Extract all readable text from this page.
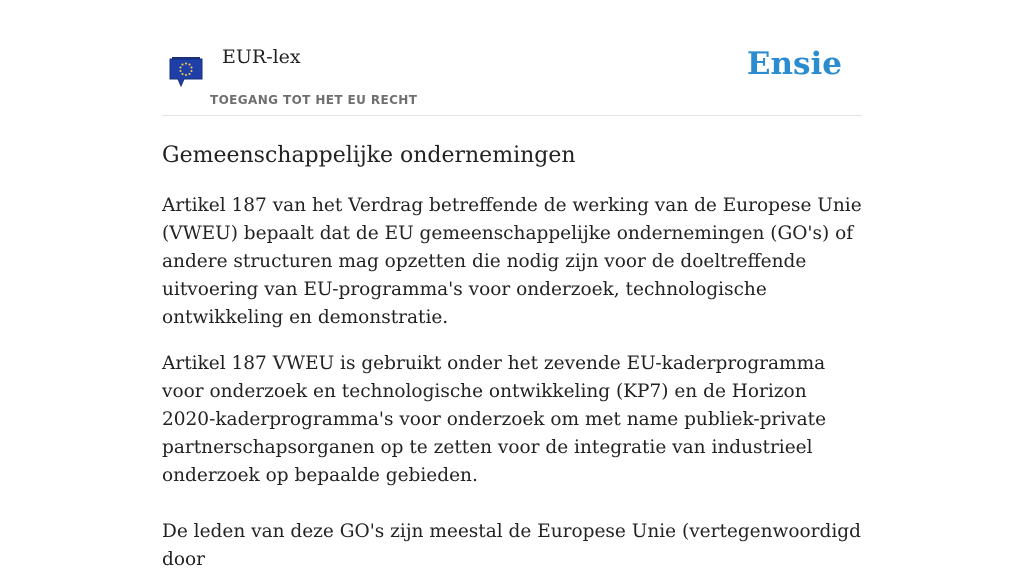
EUR-lex
TOEGANG TOT HET EU RECHT
Ensie
Gemeenschappelijke ondernemingen

Artikel 187 van het Verdrag betreffende de werking van de Europese Unie (VWEU) bepaalt dat de EU gemeenschappelijke ondernemingen (GO's) of andere structuren mag opzetten die nodig zijn voor de doeltreffende uitvoering van EU-programma's voor onderzoek, technologische ontwikkeling en demonstratie.

Artikel 187 VWEU is gebruikt onder het zevende EU-kaderprogramma voor onderzoek en technologische ontwikkeling (KP7) en de Horizon 2020-kaderprogramma's voor onderzoek om met name publiek-private partnerschapsorganen op te zetten voor de integratie van industrieel onderzoek op bepaalde gebieden.

De leden van deze GO's zijn meestal de Europese Unie (vertegenwoordigd door
